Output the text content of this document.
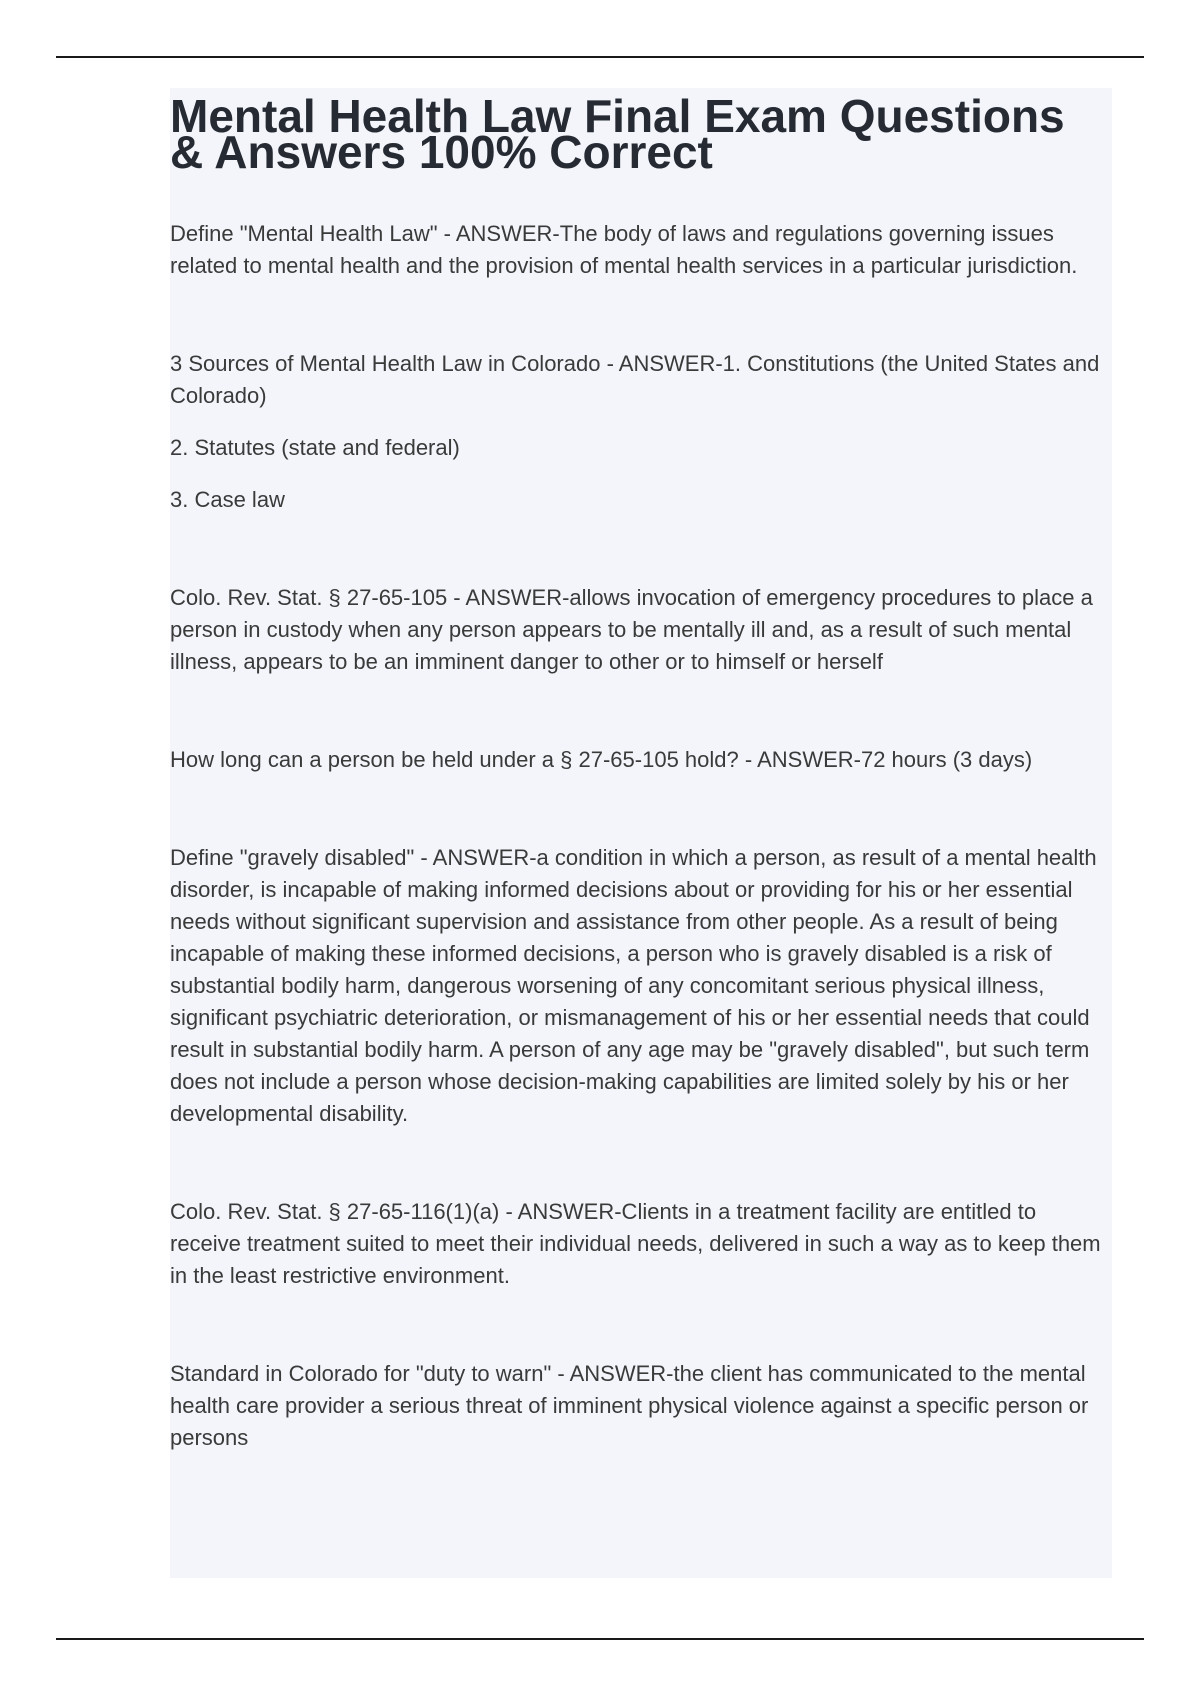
Mental Health Law Final Exam Questions & Answers 100% Correct

Define "Mental Health Law" - ANSWER-The body of laws and regulations governing issues related to mental health and the provision of mental health services in a particular jurisdiction.

3 Sources of Mental Health Law in Colorado - ANSWER-1. Constitutions (the United States and Colorado)

2. Statutes (state and federal)

3. Case law

Colo. Rev. Stat. § 27-65-105 - ANSWER-allows invocation of emergency procedures to place a person in custody when any person appears to be mentally ill and, as a result of such mental illness, appears to be an imminent danger to other or to himself or herself

How long can a person be held under a § 27-65-105 hold? - ANSWER-72 hours (3 days)

Define "gravely disabled" - ANSWER-a condition in which a person, as result of a mental health disorder, is incapable of making informed decisions about or providing for his or her essential needs without significant supervision and assistance from other people. As a result of being incapable of making these informed decisions, a person who is gravely disabled is a risk of substantial bodily harm, dangerous worsening of any concomitant serious physical illness, significant psychiatric deterioration, or mismanagement of his or her essential needs that could result in substantial bodily harm. A person of any age may be "gravely disabled", but such term does not include a person whose decision-making capabilities are limited solely by his or her developmental disability.

Colo. Rev. Stat. § 27-65-116(1)(a) - ANSWER-Clients in a treatment facility are entitled to receive treatment suited to meet their individual needs, delivered in such a way as to keep them in the least restrictive environment.

Standard in Colorado for "duty to warn" - ANSWER-the client has communicated to the mental health care provider a serious threat of imminent physical violence against a specific person or persons
